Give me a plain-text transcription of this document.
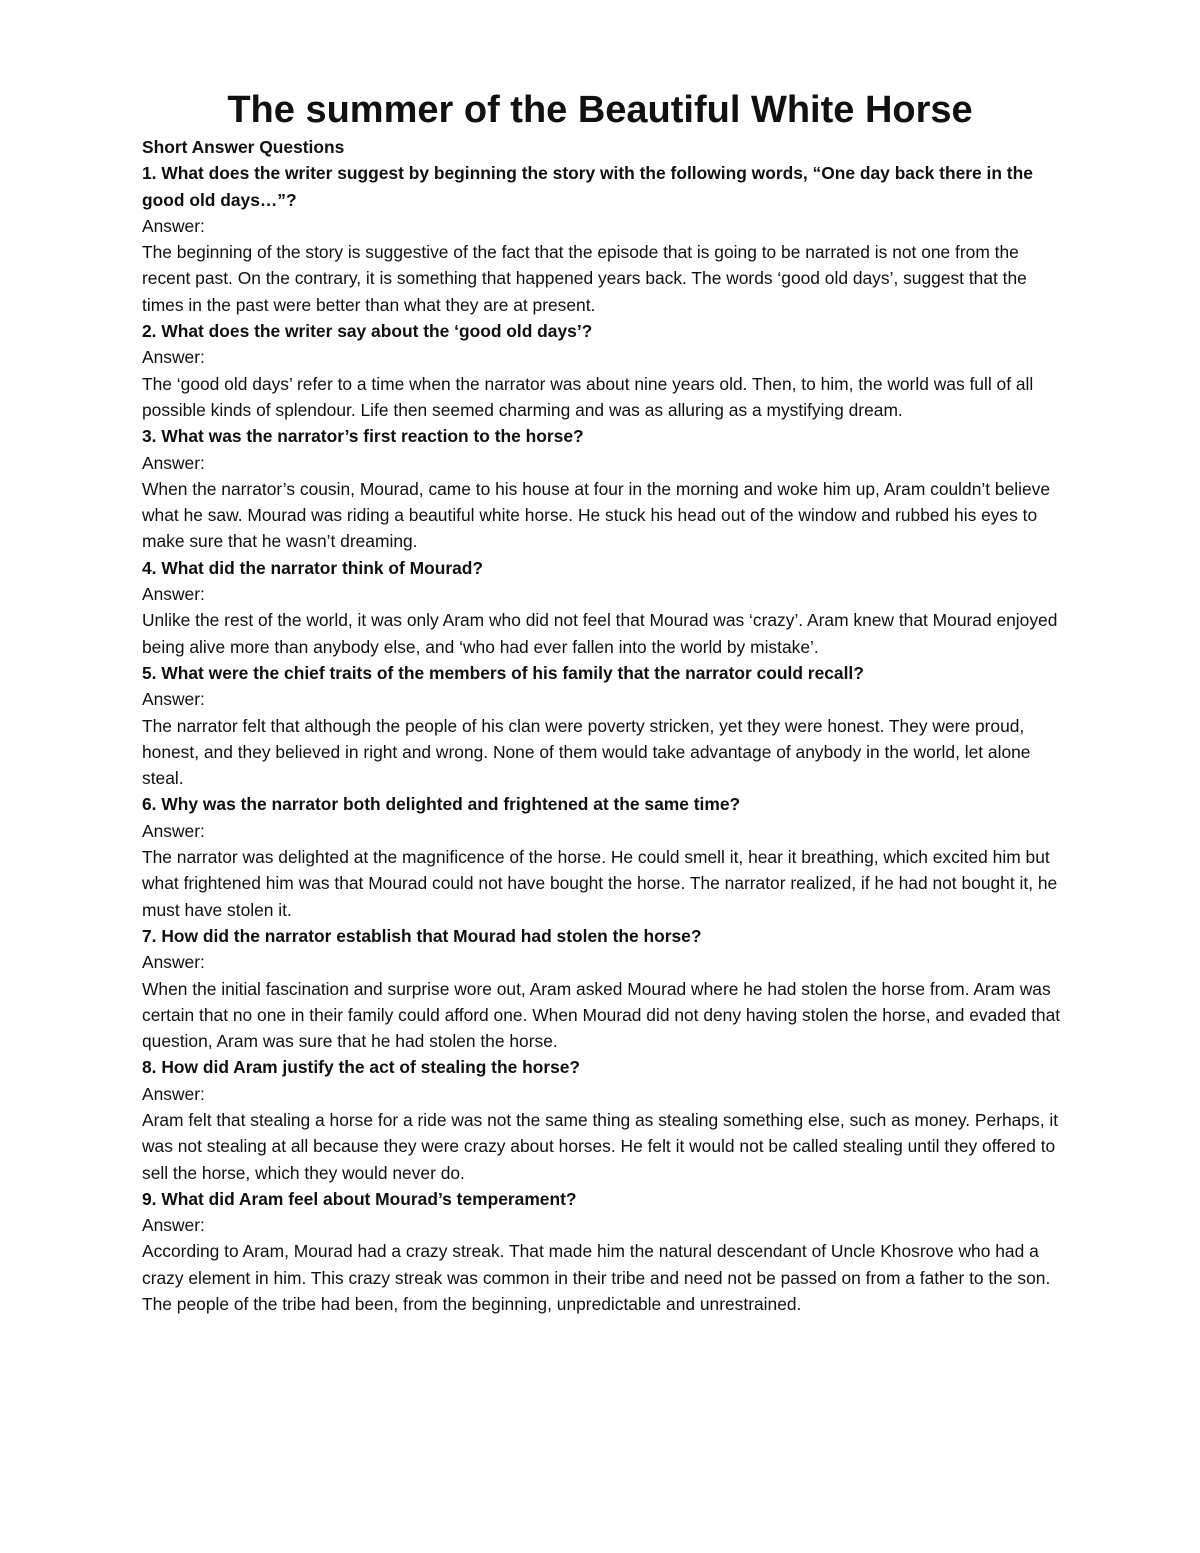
The summer of the Beautiful White Horse

Short Answer Questions

1. What does the writer suggest by beginning the story with the following words, “One day back there in the good old days…”?

Answer:

The beginning of the story is suggestive of the fact that the episode that is going to be narrated is not one from the recent past. On the contrary, it is something that happened years back. The words ‘good old days’, suggest that the times in the past were better than what they are at present.

2. What does the writer say about the ‘good old days’?

Answer:

The ‘good old days’ refer to a time when the narrator was about nine years old. Then, to him, the world was full of all possible kinds of splendour. Life then seemed charming and was as alluring as a mystifying dream.

3. What was the narrator’s first reaction to the horse?

Answer:

When the narrator’s cousin, Mourad, came to his house at four in the morning and woke him up, Aram couldn’t believe what he saw. Mourad was riding a beautiful white horse. He stuck his head out of the window and rubbed his eyes to make sure that he wasn’t dreaming.

4. What did the narrator think of Mourad?

Answer:

Unlike the rest of the world, it was only Aram who did not feel that Mourad was ‘crazy’. Aram knew that Mourad enjoyed being alive more than anybody else, and ‘who had ever fallen into the world by mistake’.

5. What were the chief traits of the members of his family that the narrator could recall?

Answer:

The narrator felt that although the people of his clan were poverty stricken, yet they were honest. They were proud, honest, and they believed in right and wrong. None of them would take advantage of anybody in the world, let alone steal.

6. Why was the narrator both delighted and frightened at the same time?

Answer:

The narrator was delighted at the magnificence of the horse. He could smell it, hear it breathing, which excited him but what frightened him was that Mourad could not have bought the horse. The narrator realized, if he had not bought it, he must have stolen it.

7. How did the narrator establish that Mourad had stolen the horse?

Answer:

When the initial fascination and surprise wore out, Aram asked Mourad where he had stolen the horse from. Aram was certain that no one in their family could afford one. When Mourad did not deny having stolen the horse, and evaded that question, Aram was sure that he had stolen the horse.

8. How did Aram justify the act of stealing the horse?

Answer:

Aram felt that stealing a horse for a ride was not the same thing as stealing something else, such as money. Perhaps, it was not stealing at all because they were crazy about horses. He felt it would not be called stealing until they offered to sell the horse, which they would never do.

9. What did Aram feel about Mourad’s temperament?

Answer:

According to Aram, Mourad had a crazy streak. That made him the natural descendant of Uncle Khosrove who had a crazy element in him. This crazy streak was common in their tribe and need not be passed on from a father to the son. The people of the tribe had been, from the beginning, unpredictable and unrestrained.
